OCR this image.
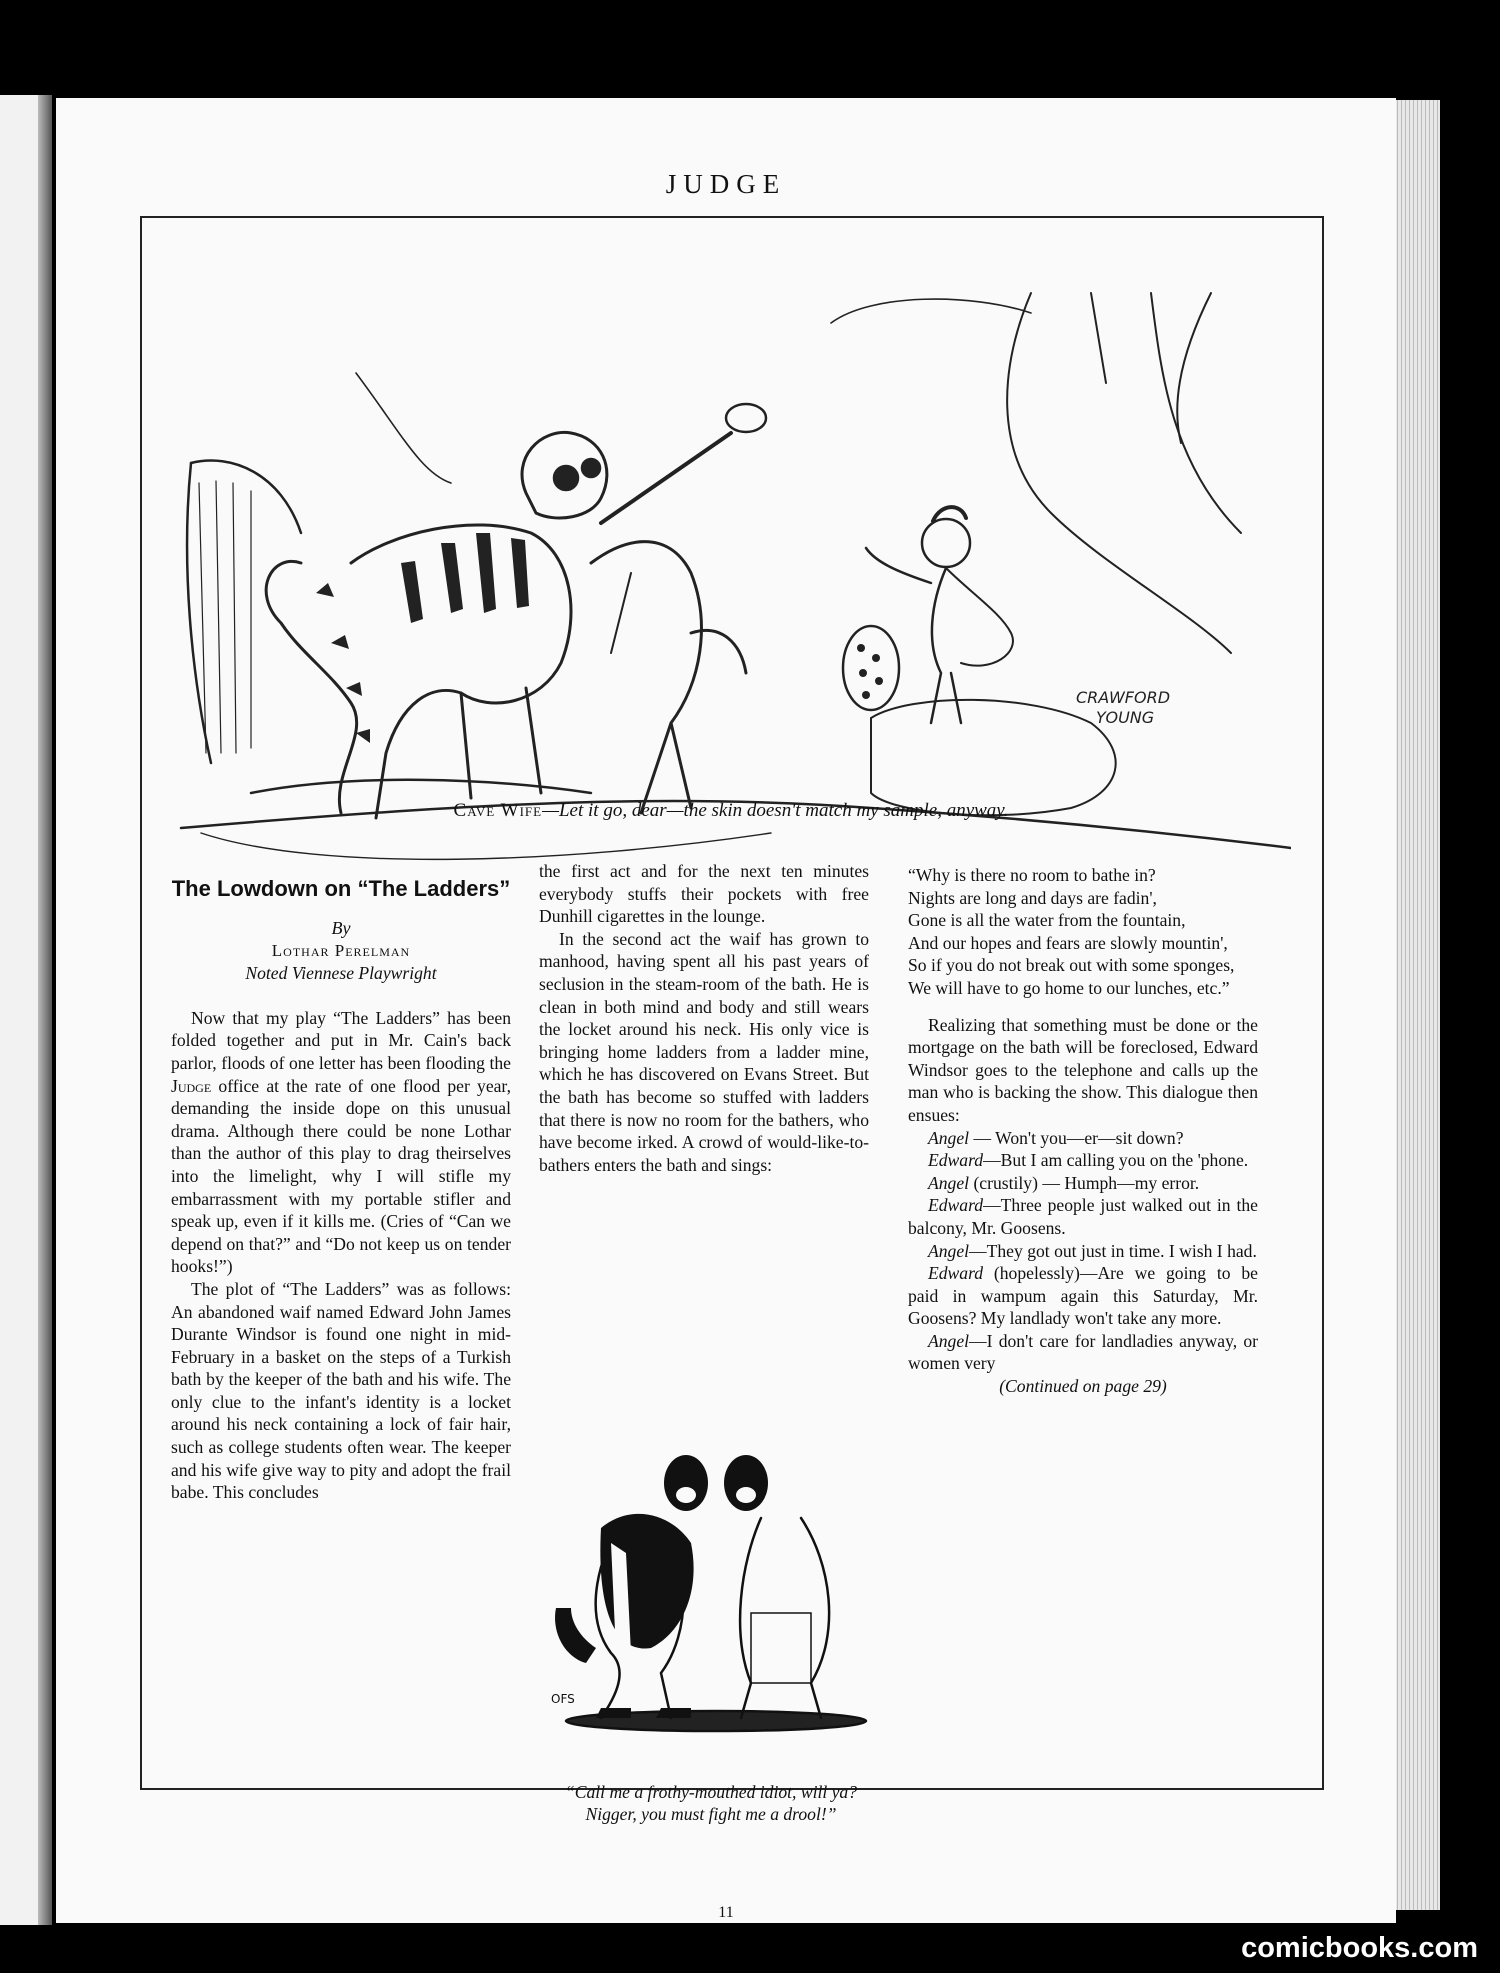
JUDGE
CRAWFORD
YOUNG
Cave Wife—Let it go, dear—the skin doesn't match my sample, anyway.
The Lowdown on “The Ladders”
By
Lothar Perelman
Noted Viennese Playwright

Now that my play “The Ladders” has been folded together and put in Mr. Cain's back parlor, floods of one letter has been flooding the Judge office at the rate of one flood per year, demanding the inside dope on this unusual drama. Although there could be none Lothar than the author of this play to drag theirselves into the limelight, why I will stifle my embarrassment with my portable stifler and speak up, even if it kills me. (Cries of “Can we depend on that?” and “Do not keep us on tender hooks!”)

The plot of “The Ladders” was as follows: An abandoned waif named Edward John James Durante Windsor is found one night in mid-February in a basket on the steps of a Turkish bath by the keeper of the bath and his wife. The only clue to the infant's identity is a locket around his neck containing a lock of fair hair, such as college students often wear. The keeper and his wife give way to pity and adopt the frail babe. This concludes

the first act and for the next ten minutes everybody stuffs their pockets with free Dunhill cigarettes in the lounge.

In the second act the waif has grown to manhood, having spent all his past years of seclusion in the steam-room of the bath. He is clean in both mind and body and still wears the locket around his neck. His only vice is bringing home ladders from a ladder mine, which he has discovered on Evans Street. But the bath has become so stuffed with ladders that there is now no room for the bathers, who have become irked. A crowd of would-like-to-bathers enters the bath and sings:

OFS
“Call me a frothy-mouthed idiot, will ya? Nigger, you must fight me a drool!”

“Why is there no room to bathe in?

Nights are long and days are fadin',

Gone is all the water from the fountain,

And our hopes and fears are slowly mountin',

So if you do not break out with some sponges,

We will have to go home to our lunches, etc.”

Realizing that something must be done or the mortgage on the bath will be foreclosed, Edward Windsor goes to the telephone and calls up the man who is backing the show. This dialogue then ensues:

Angel — Won't you—er—sit down?

Edward—But I am calling you on the 'phone.

Angel (crustily) — Humph—my error.

Edward—Three people just walked out in the balcony, Mr. Goosens.

Angel—They got out just in time. I wish I had.

Edward (hopelessly)—Are we going to be paid in wampum again this Saturday, Mr. Goosens? My landlady won't take any more.

Angel—I don't care for landladies anyway, or women very

(Continued on page 29)

11
comicbooks.com
